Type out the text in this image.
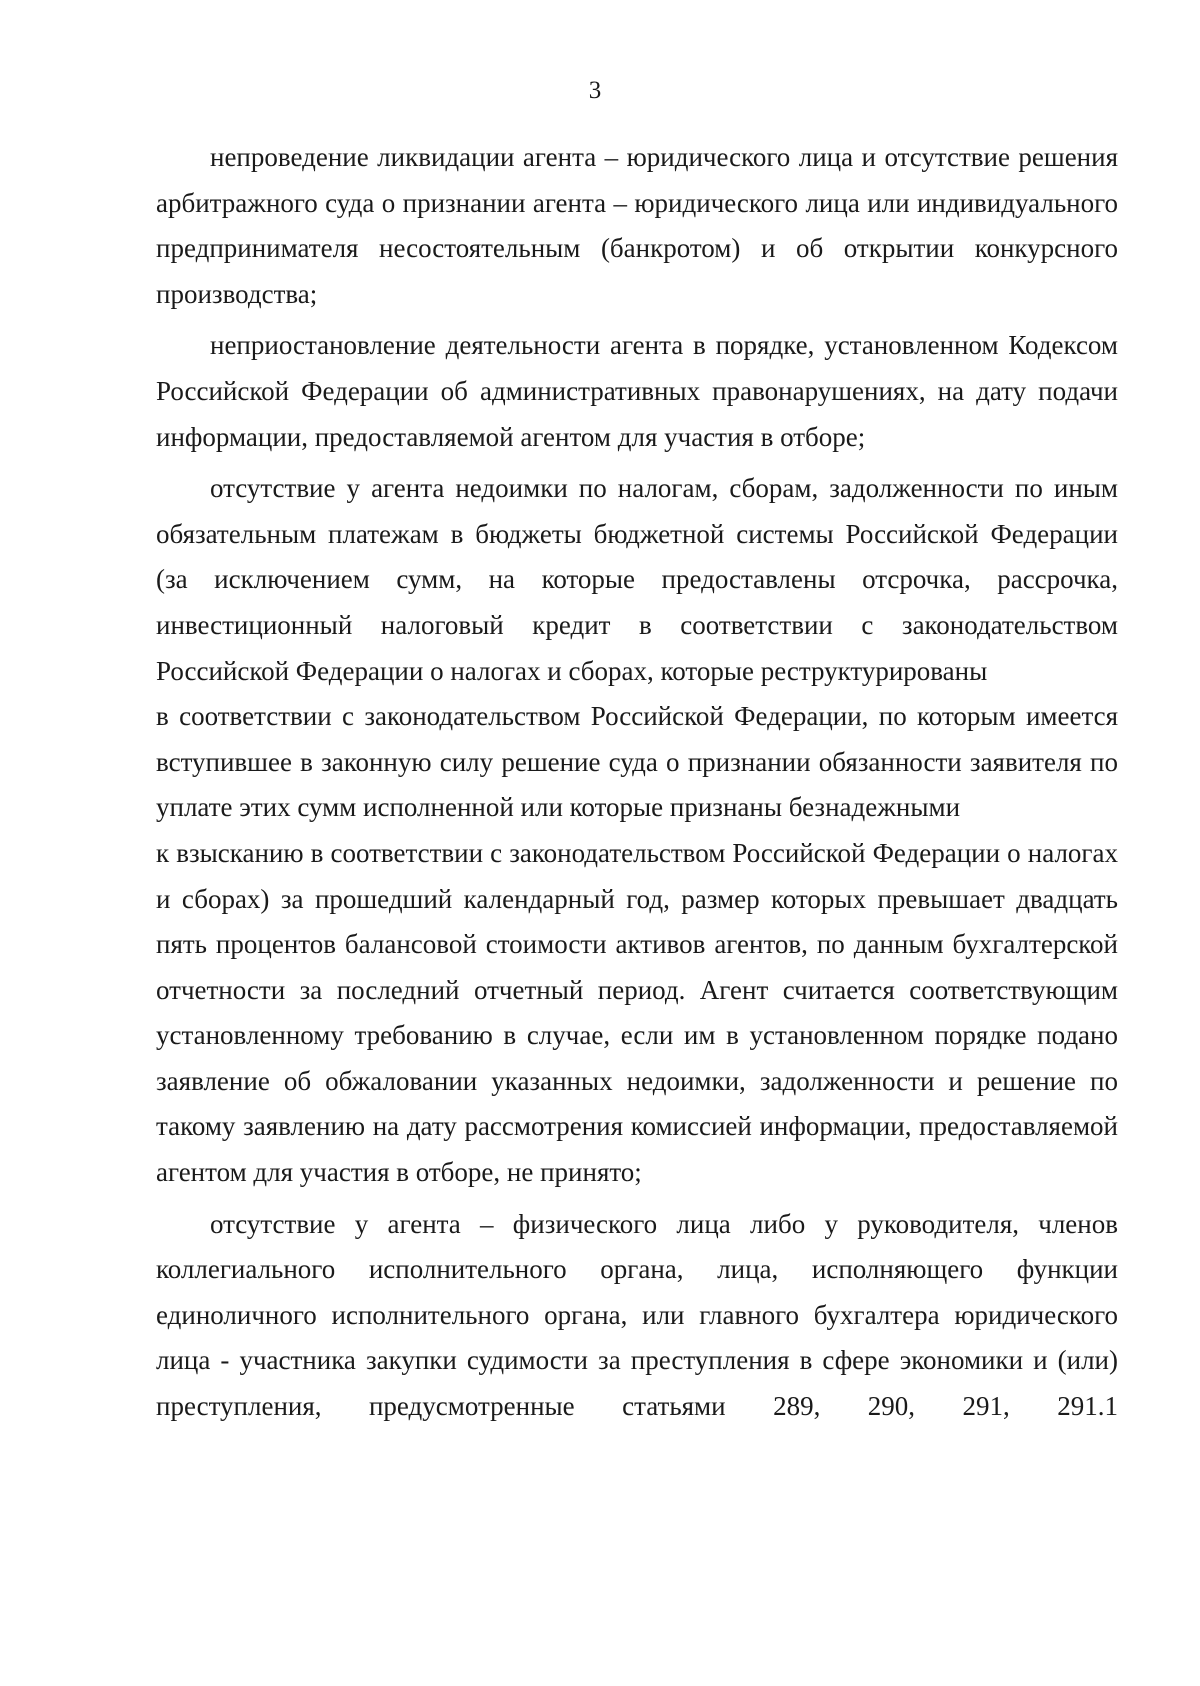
3

непроведение ликвидации агента – юридического лица и отсутствие решения арбитражного суда о признании агента – юридического лица или индивидуального предпринимателя несостоятельным (банкротом) и об открытии конкурсного производства;

неприостановление деятельности агента в порядке, установленном Кодексом Российской Федерации об административных правонарушениях, на дату подачи информации, предоставляемой агентом для участия в отборе;

отсутствие у агента недоимки по налогам, сборам, задолженности по иным обязательным платежам в бюджеты бюджетной системы Российской Федерации (за исключением сумм, на которые предоставлены отсрочка, рассрочка, инвестиционный налоговый кредит в соответствии с законодательством Российской Федерации о налогах и сборах, которые реструктурированы

в соответствии с законодательством Российской Федерации, по которым имеется вступившее в законную силу решение суда о признании обязанности заявителя по уплате этих сумм исполненной или которые признаны безнадежными

к взысканию в соответствии с законодательством Российской Федерации о налогах и сборах) за прошедший календарный год, размер которых превышает двадцать пять процентов балансовой стоимости активов агентов, по данным бухгалтерской отчетности за последний отчетный период. Агент считается соответствующим установленному требованию в случае, если им в установленном порядке подано заявление об обжаловании указанных недоимки, задолженности и решение по такому заявлению на дату рассмотрения комиссией информации, предоставляемой агентом для участия в отборе, не принято;

отсутствие у агента – физического лица либо у руководителя, членов коллегиального исполнительного органа, лица, исполняющего функции единоличного исполнительного органа, или главного бухгалтера юридического лица - участника закупки судимости за преступления в сфере экономики и (или) преступления, предусмотренные статьями 289, 290, 291, 291.1
